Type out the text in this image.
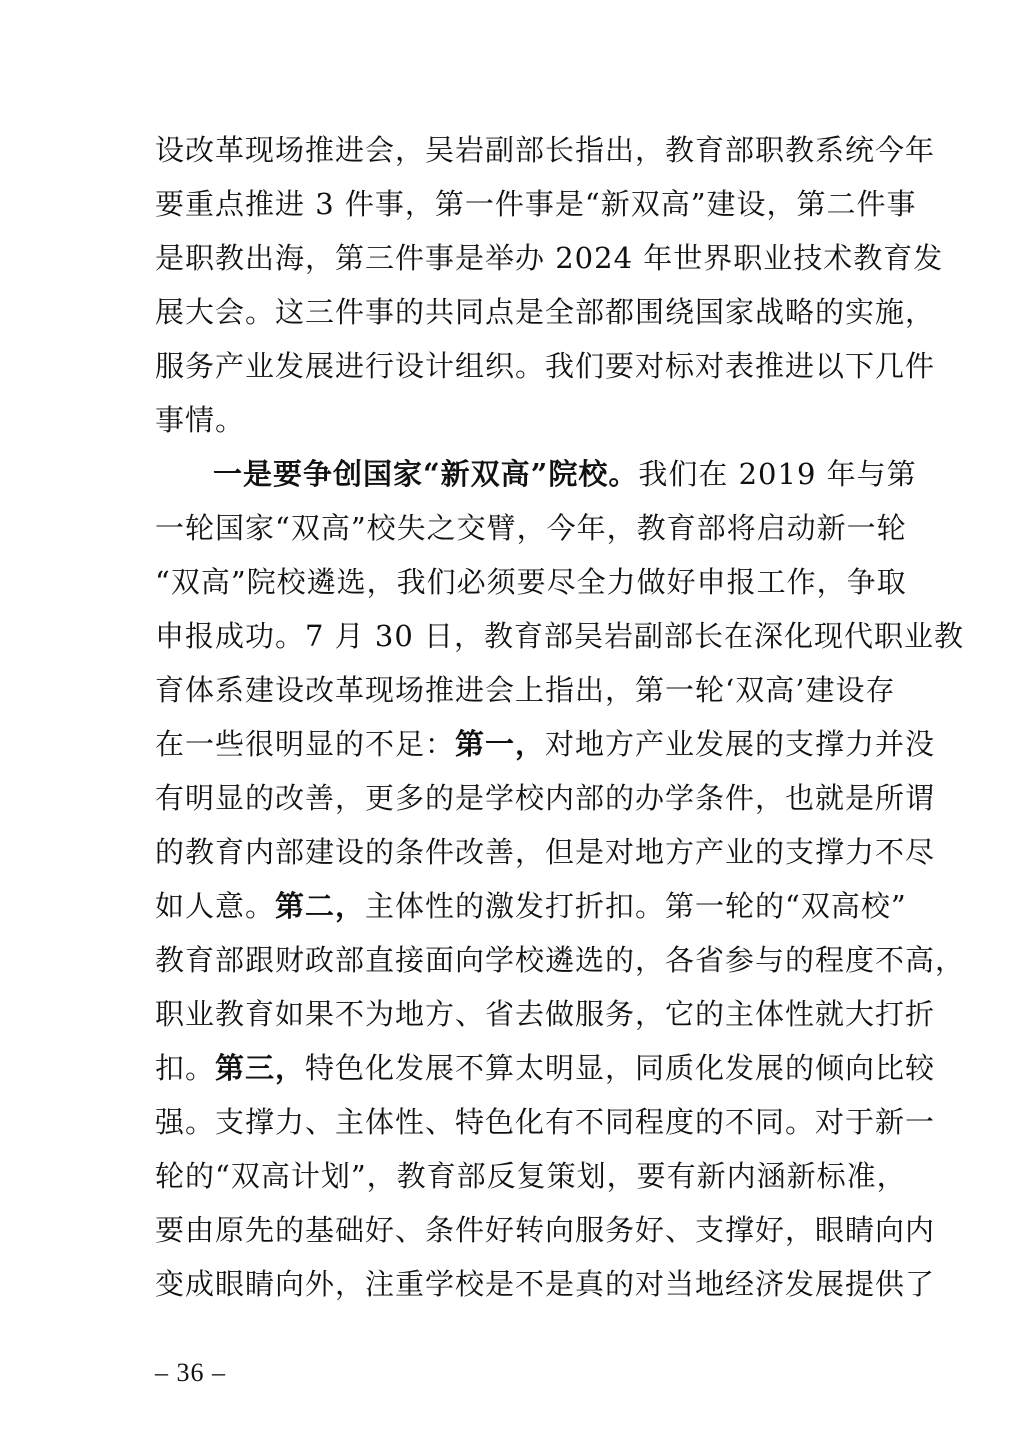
设改革现场推进会，吴岩副部长指出，教育部职教系统今年
要重点推进 3 件事，第一件事是“新双高”建设，第二件事
是职教出海，第三件事是举办 2024 年世界职业技术教育发
展大会。这三件事的共同点是全部都围绕国家战略的实施，
服务产业发展进行设计组织。我们要对标对表推进以下几件
事情。
一是要争创国家“新双高”院校。我们在 2019 年与第
一轮国家“双高”校失之交臂，今年，教育部将启动新一轮
“双高”院校遴选，我们必须要尽全力做好申报工作，争取
申报成功。7 月 30 日，教育部吴岩副部长在深化现代职业教
育体系建设改革现场推进会上指出，第一轮‘双高’建设存
在一些很明显的不足：第一，对地方产业发展的支撑力并没
有明显的改善，更多的是学校内部的办学条件，也就是所谓
的教育内部建设的条件改善，但是对地方产业的支撑力不尽
如人意。第二，主体性的激发打折扣。第一轮的“双高校”
教育部跟财政部直接面向学校遴选的，各省参与的程度不高，
职业教育如果不为地方、省去做服务，它的主体性就大打折
扣。第三，特色化发展不算太明显，同质化发展的倾向比较
强。支撑力、主体性、特色化有不同程度的不同。对于新一
轮的“双高计划”，教育部反复策划，要有新内涵新标准，
要由原先的基础好、条件好转向服务好、支撑好，眼睛向内
变成眼睛向外，注重学校是不是真的对当地经济发展提供了
– 36 –
